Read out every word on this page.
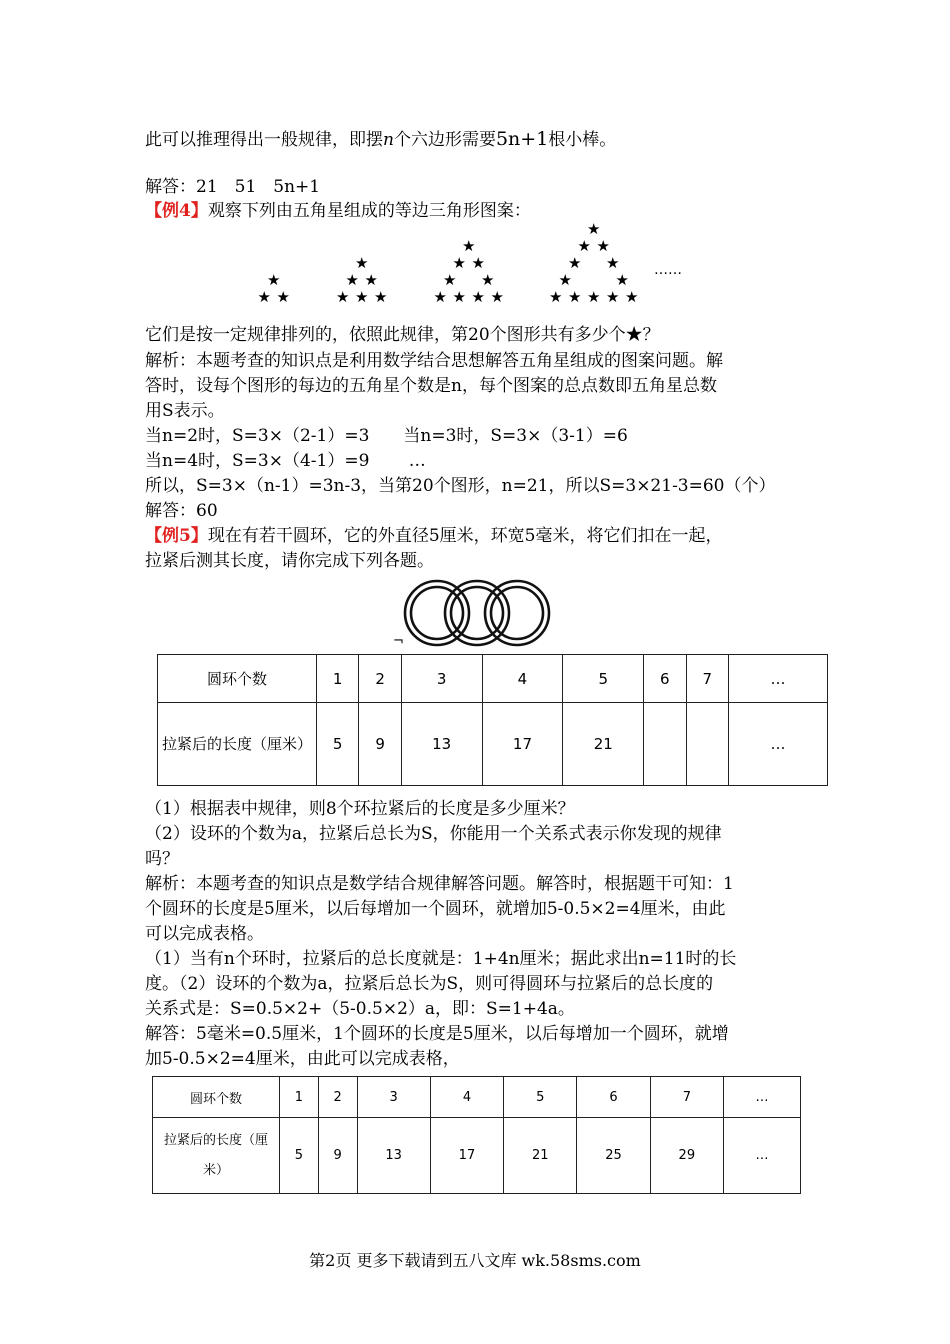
此可以推理得出一般规律，即摆n个六边形需要5n+1根小棒。
解答：21　51　5n+1
【例4】观察下列由五角星组成的等边三角形图案：
★
★ ★
★
★ ★
★ ★ ★
★
★ ★
★ ★
★ ★ ★ ★
★
★ ★
★ ★
★	★
★ ★ ★ ★ ★
……
它们是按一定规律排列的，依照此规律，第20个图形共有多少个★？
解析：本题考查的知识点是利用数学结合思想解答五角星组成的图案问题。解
答时，设每个图形的每边的五角星个数是n，每个图案的总点数即五角星总数
用S表示。
当n=2时，S=3×（2-1）=3　　当n=3时，S=3×（3-1）=6
当n=4时，S=3×（4-1）=9　　 …
所以，S=3×（n-1）=3n-3，当第20个图形，n=21，所以S=3×21-3=60（个）
解答：60
【例5】现在有若干圆环，它的外直径5厘米，环宽5毫米，将它们扣在一起，
拉紧后测其长度，请你完成下列各题。
¬
圆环个数	1	2	3	4	5	6	7	…
拉紧后的长度（厘米）	5	9	13	17	21			…
（1）根据表中规律，则8个环拉紧后的长度是多少厘米？
（2）设环的个数为a，拉紧后总长为S，你能用一个关系式表示你发现的规律
吗？
解析：本题考查的知识点是数学结合规律解答问题。解答时，根据题干可知：1
个圆环的长度是5厘米，以后每增加一个圆环，就增加5-0.5×2=4厘米，由此
可以完成表格。
（1）当有n个环时，拉紧后的总长度就是：1+4n厘米；据此求出n=11时的长
度。（2）设环的个数为a，拉紧后总长为S，则可得圆环与拉紧后的总长度的
关系式是：S=0.5×2+（5-0.5×2）a，即：S=1+4a。
解答：5毫米=0.5厘米，1个圆环的长度是5厘米，以后每增加一个圆环，就增
加5-0.5×2=4厘米，由此可以完成表格，
圆环个数	1	2	3	4	5	6	7	…
拉紧后的长度（厘米）	5	9	13	17	21	25	29	…
第2页 更多下载请到五八文库 wk.58sms.com
